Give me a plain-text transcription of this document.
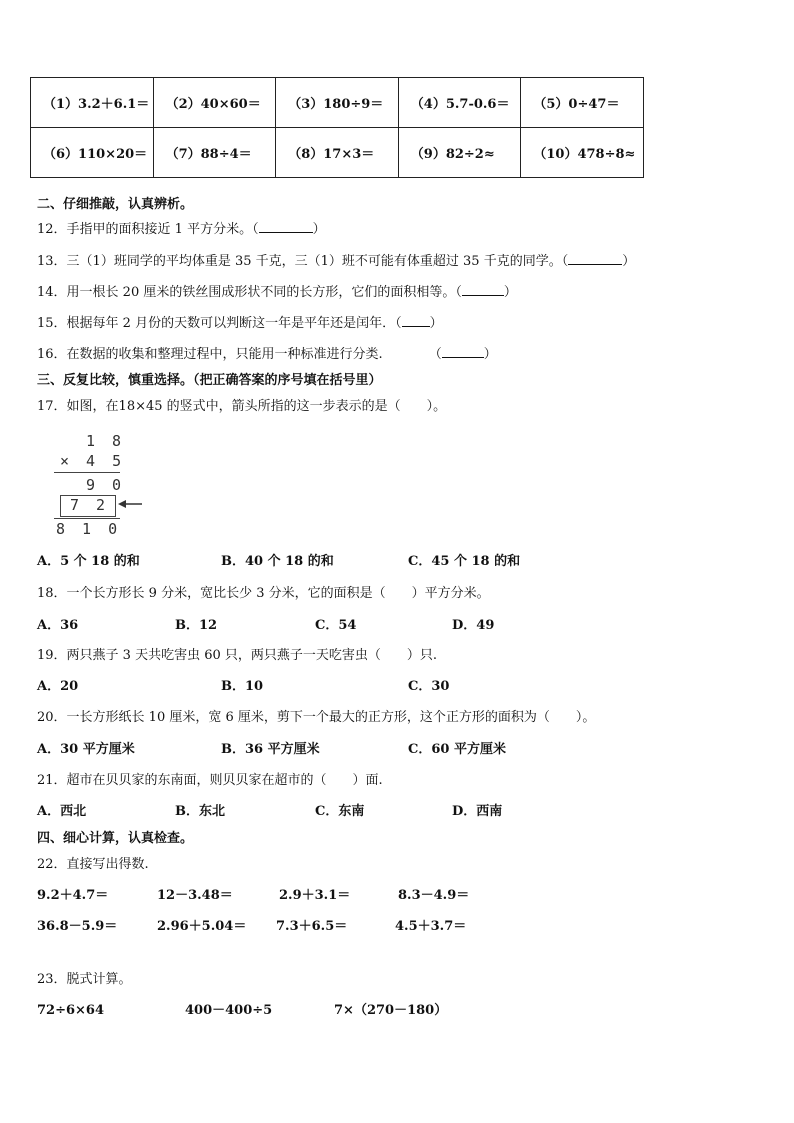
（1）3.2＋6.1＝	（2）40×60＝	（3）180÷9＝	（4）5.7-0.6＝	（5）0÷47＝
（6）110×20＝	（7）88÷4＝	（8）17×3＝	（9）82÷2≈	（10）478÷8≈
二、仔细推敲，认真辨析。
12．手指甲的面积接近 1 平方分米。（	）
13．三（1）班同学的平均体重是 35 千克，三（1）班不可能有体重超过 35 千克的同学。（	）
14．用一根长 20 厘米的铁丝围成形状不同的长方形，它们的面积相等。（	）
15．根据每年 2 月份的天数可以判断这一年是平年还是闰年．（ ）
16．在数据的收集和整理过程中，只能用一种标准进行分类.	（	）
三、反复比较，慎重选择。（把正确答案的序号填在括号里）
17．如图，在18×45 的竖式中，箭头所指的这一步表示的是（　　）。
1 8
× 4 5
9 0
7 2
8 1 0
A．5 个 18 的和	B．40 个 18 的和	C．45 个 18 的和
18．一个长方形长 9 分米，宽比长少 3 分米，它的面积是（　　）平方分米。
A．36	B．12	C．54	D．49
19．两只燕子 3 天共吃害虫 60 只，两只燕子一天吃害虫（　　）只.
A．20	B．10	C．30
20．一长方形纸长 10 厘米，宽 6 厘米，剪下一个最大的正方形，这个正方形的面积为（　　）。
A．30 平方厘米	B．36 平方厘米	C．60 平方厘米
21．超市在贝贝家的东南面，则贝贝家在超市的（　　）面.
A．西北	B．东北	C．东南	D．西南
四、细心计算，认真检查。
22．直接写出得数.
9.2＋4.7＝	12－3.48＝	2.9＋3.1＝	8.3－4.9＝
36.8－5.9＝	2.96＋5.04＝ 7.3＋6.5＝	4.5＋3.7＝
23．脱式计算。
72÷6×64	400－400÷5	7×（270－180）
